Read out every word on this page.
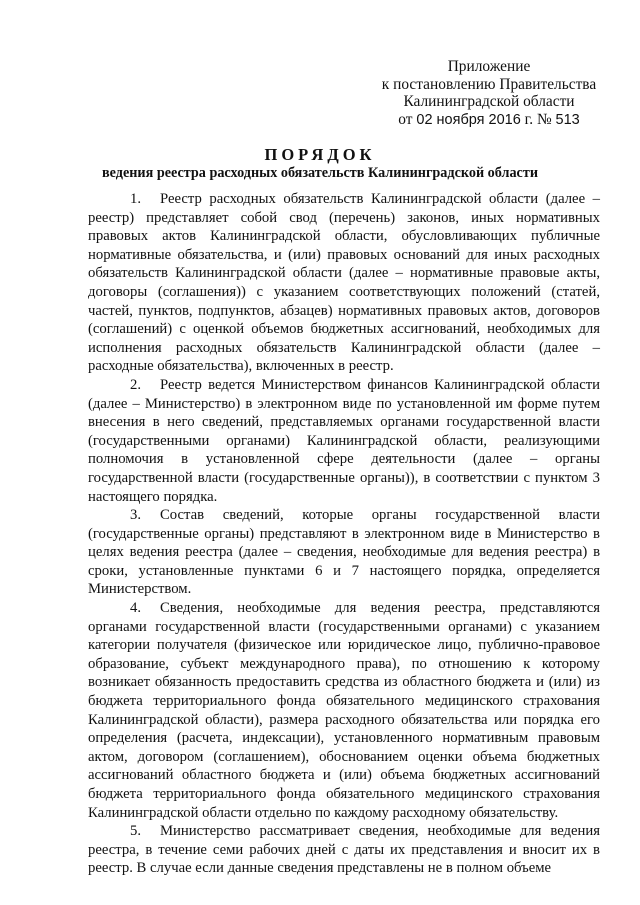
Приложение
к постановлению Правительства
Калининградской области
от 02 ноября 2016 г. № 513
ПОРЯДОК
ведения реестра расходных обязательств Калининградской области

1. Реестр расходных обязательств Калининградской области (далее – реестр) представляет собой свод (перечень) законов, иных нормативных правовых актов Калининградской области, обусловливающих публичные нормативные обязательства, и (или) правовых оснований для иных расходных обязательств Калининградской области (далее – нормативные правовые акты, договоры (соглашения)) с указанием соответствующих положений (статей, частей, пунктов, подпунктов, абзацев) нормативных правовых актов, договоров (соглашений) с оценкой объемов бюджетных ассигнований, необходимых для исполнения расходных обязательств Калининградской области (далее – расходные обязательства), включенных в реестр.

2. Реестр ведется Министерством финансов Калининградской области (далее – Министерство) в электронном виде по установленной им форме путем внесения в него сведений, представляемых органами государственной власти (государственными органами) Калининградской области, реализующими полномочия в установленной сфере деятельности (далее – органы государственной власти (государственные органы)), в соответствии с пунктом 3 настоящего порядка.

3. Состав сведений, которые органы государственной власти (государственные органы) представляют в электронном виде в Министерство в целях ведения реестра (далее – сведения, необходимые для ведения реестра) в сроки, установленные пунктами 6 и 7 настоящего порядка, определяется Министерством.

4. Сведения, необходимые для ведения реестра, представляются органами государственной власти (государственными органами) с указанием категории получателя (физическое или юридическое лицо, публично-правовое образование, субъект международного права), по отношению к которому возникает обязанность предоставить средства из областного бюджета и (или) из бюджета территориального фонда обязательного медицинского страхования Калининградской области), размера расходного обязательства или порядка его определения (расчета, индексации), установленного нормативным правовым актом, договором (соглашением), обоснованием оценки объема бюджетных ассигнований областного бюджета и (или) объема бюджетных ассигнований бюджета территориального фонда обязательного медицинского страхования Калининградской области отдельно по каждому расходному обязательству.

5. Министерство рассматривает сведения, необходимые для ведения реестра, в течение семи рабочих дней с даты их представления и вносит их в реестр. В случае если данные сведения представлены не в полном объеме
